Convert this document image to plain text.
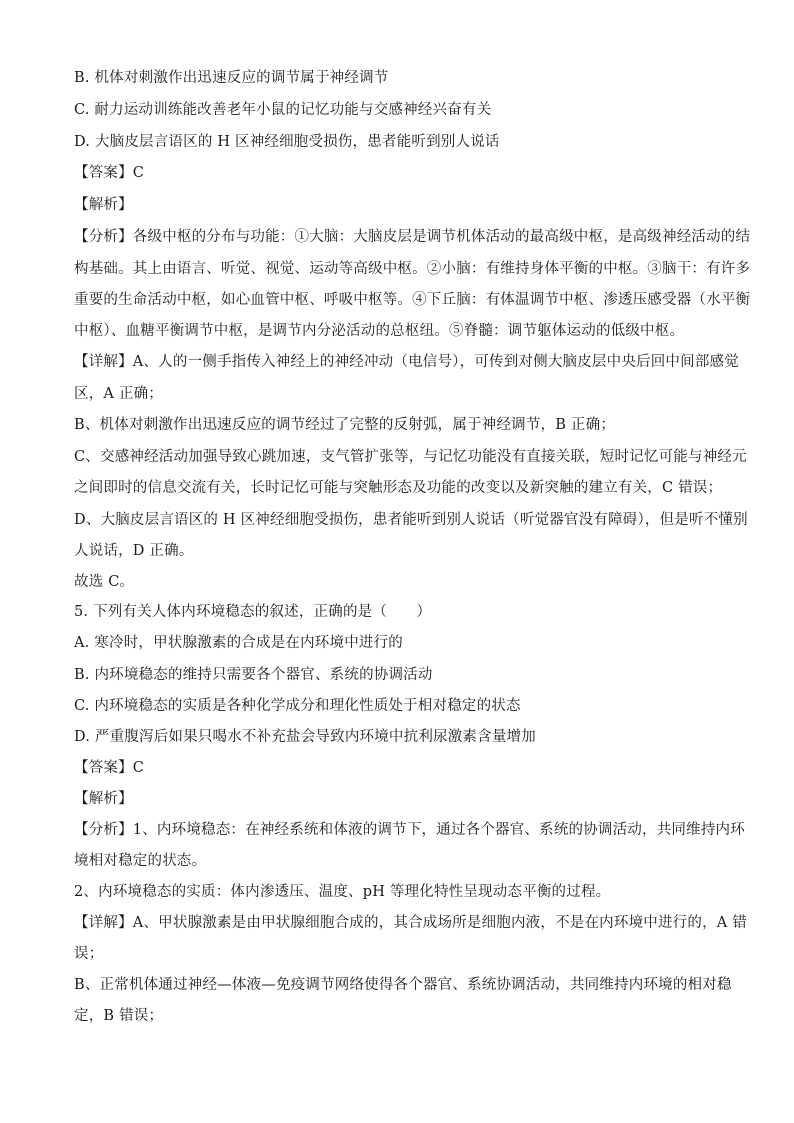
B. 机体对刺激作出迅速反应的调节属于神经调节
C. 耐力运动训练能改善老年小鼠的记忆功能与交感神经兴奋有关
D. 大脑皮层言语区的 H 区神经细胞受损伤，患者能听到别人说话
【答案】C
【解析】
【分析】各级中枢的分布与功能：①大脑：大脑皮层是调节机体活动的最高级中枢，是高级神经活动的结
构基础。其上由语言、听觉、视觉、运动等高级中枢。②小脑：有维持身体平衡的中枢。③脑干：有许多
重要的生命活动中枢，如心血管中枢、呼吸中枢等。④下丘脑：有体温调节中枢、渗透压感受器（水平衡
中枢）、血糖平衡调节中枢，是调节内分泌活动的总枢纽。⑤脊髓：调节躯体运动的低级中枢。
【详解】A、人的一侧手指传入神经上的神经冲动（电信号），可传到对侧大脑皮层中央后回中间部感觉
区，A 正确；
B、机体对刺激作出迅速反应的调节经过了完整的反射弧，属于神经调节，B 正确；
C、交感神经活动加强导致心跳加速，支气管扩张等，与记忆功能没有直接关联，短时记忆可能与神经元
之间即时的信息交流有关，长时记忆可能与突触形态及功能的改变以及新突触的建立有关，C 错误；
D、大脑皮层言语区的 H 区神经细胞受损伤，患者能听到别人说话（听觉器官没有障碍），但是听不懂别
人说话，D 正确。
故选 C。
5. 下列有关人体内环境稳态的叙述，正确的是（　　）
A. 寒冷时，甲状腺激素的合成是在内环境中进行的
B. 内环境稳态的维持只需要各个器官、系统的协调活动
C. 内环境稳态的实质是各种化学成分和理化性质处于相对稳定的状态
D. 严重腹泻后如果只喝水不补充盐会导致内环境中抗利尿激素含量增加
【答案】C
【解析】
【分析】1、内环境稳态：在神经系统和体液的调节下，通过各个器官、系统的协调活动，共同维持内环
境相对稳定的状态。
2、内环境稳态的实质：体内渗透压、温度、pH 等理化特性呈现动态平衡的过程。
【详解】A、甲状腺激素是由甲状腺细胞合成的，其合成场所是细胞内液，不是在内环境中进行的，A 错
误；
B、正常机体通过神经—体液—免疫调节网络使得各个器官、系统协调活动，共同维持内环境的相对稳
定，B 错误；
